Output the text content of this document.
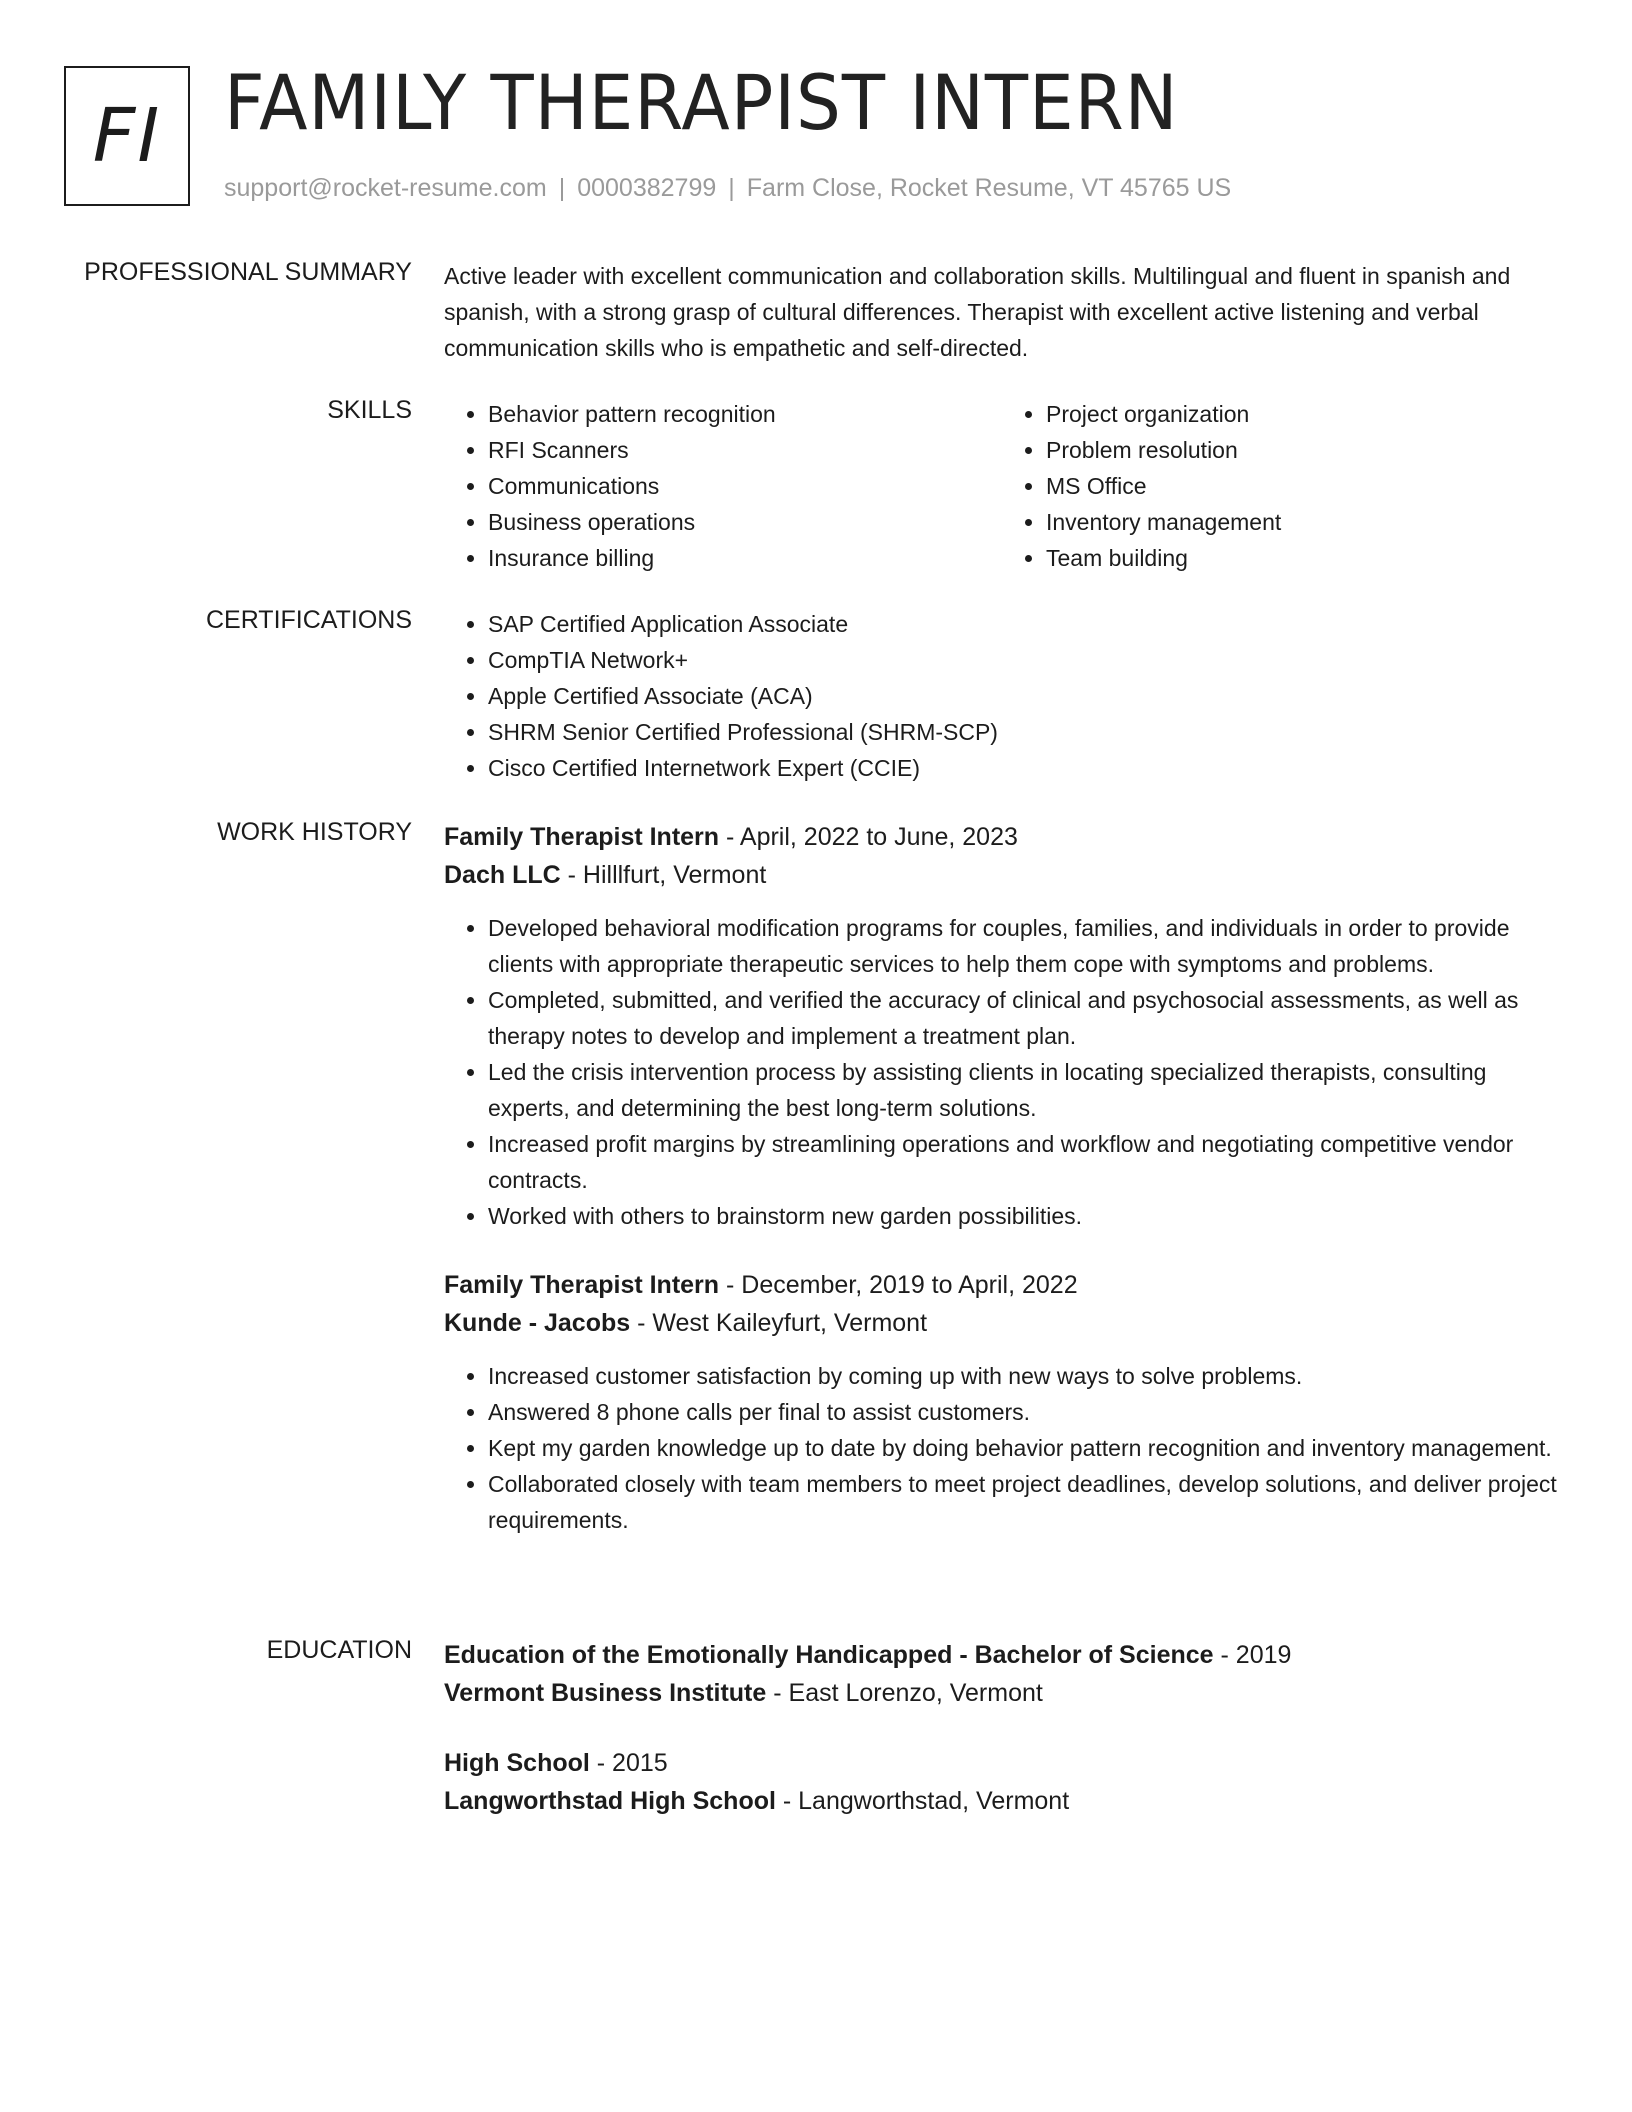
FI FAMILY THERAPIST INTERN
support@rocket-resume.com | 0000382799 | Farm Close, Rocket Resume, VT 45765 US
PROFESSIONAL SUMMARY Active leader with excellent communication and collaboration skills. Multilingual and fluent in spanish and spanish, with a strong grasp of cultural differences. Therapist with excellent active listening and verbal communication skills who is empathetic and self-directed.

SKILLS	• Behavior pattern recognition
• RFI Scanners
• Communications
• Business operations
• Insurance billing
• Project organization
• Problem resolution
• MS Office
• Inventory management
• Team building
CERTIFICATIONS	• SAP Certified Application Associate
• CompTIA Network+
• Apple Certified Associate (ACA)
• SHRM Senior Certified Professional (SHRM-SCP)
• Cisco Certified Internetwork Expert (CCIE)
WORK HISTORY Family Therapist Intern - April, 2022 to June, 2023
Dach LLC - Hilllfurt, Vermont
• Developed behavioral modification programs for couples, families, and individuals in order to provide clients with appropriate therapeutic services to help them cope with symptoms and problems.
• Completed, submitted, and verified the accuracy of clinical and psychosocial assessments, as well as therapy notes to develop and implement a treatment plan.
• Led the crisis intervention process by assisting clients in locating specialized therapists, consulting experts, and determining the best long-term solutions.
• Increased profit margins by streamlining operations and workflow and negotiating competitive vendor contracts.
• Worked with others to brainstorm new garden possibilities.
Family Therapist Intern - December, 2019 to April, 2022
Kunde - Jacobs - West Kaileyfurt, Vermont
• Increased customer satisfaction by coming up with new ways to solve problems.
• Answered 8 phone calls per final to assist customers.
• Kept my garden knowledge up to date by doing behavior pattern recognition and inventory management.
• Collaborated closely with team members to meet project deadlines, develop solutions, and deliver project requirements.
EDUCATION Education of the Emotionally Handicapped - Bachelor of Science - 2019
Vermont Business Institute - East Lorenzo, Vermont
High School - 2015
Langworthstad High School - Langworthstad, Vermont
